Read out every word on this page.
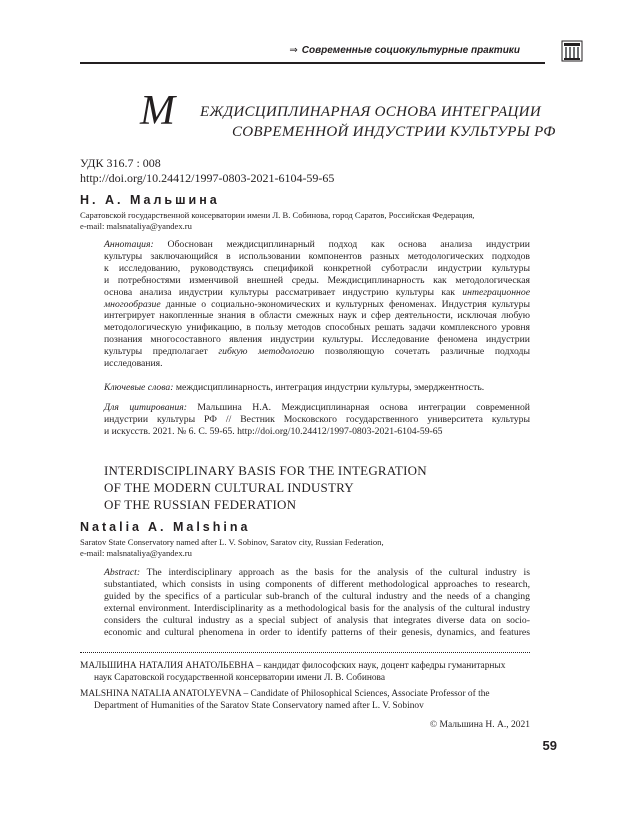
⇒ Современные социокультурные практики
М ЕЖДИСЦИПЛИНАРНАЯ ОСНОВА ИНТЕГРАЦИИ
СОВРЕМЕННОЙ ИНДУСТРИИ КУЛЬТУРЫ РФ
УДК 316.7 : 008
http://doi.org/10.24412/1997-0803-2021-6104-59-65
Н. А. Мальшина
Саратовской государственной консерватории имени Л. В. Собинова, город Саратов, Российская Федерация,
e-mail: malsnataliya@yandex.ru
Аннотация: Обоснован междисциплинарный подход как основа анализа индустрии
культуры заключающийся в использовании компонентов разных методологических подходов
к исследованию, руководствуясь спецификой конкретной суботрасли индустрии культуры
и потребностями изменчивой внешней среды. Междисциплинарность как методологическая
основа анализа индустрии культуры рассматривает индустрию культуры как интеграционное
многообразие данные о социально-экономических и культурных феноменах. Индустрия культуры
интегрирует накопленные знания в области смежных наук и сфер деятельности, исключая любую
методологическую унификацию, в пользу методов способных решать задачи комплексного уровня
познания многосоставного явления индустрии культуры. Исследование феномена индустрии
культуры предполагает гибкую методологию позволяющую сочетать различные подходы
исследования.
Ключевые слова: междисциплинарность, интеграция индустрии культуры, эмерджентность.
Для цитирования: Мальшина Н.А. Междисциплинарная основа интеграции современной
индустрии культуры РФ // Вестник Московского государственного университета культуры
и искусств. 2021. № 6. С. 59-65. http://doi.org/10.24412/1997-0803-2021-6104-59-65
INTERDISCIPLINARY BASIS FOR THE INTEGRATION
OF THE MODERN CULTURAL INDUSTRY
OF THE RUSSIAN FEDERATION
Natalia A. Malshina
Saratov State Conservatory named after L. V. Sobinov, Saratov city, Russian Federation,
e-mail: malsnataliya@yandex.ru
Abstract: The interdisciplinary approach as the basis for the analysis of the cultural industry is
substantiated, which consists in using components of different methodological approaches to research,
guided by the specifics of a particular sub-branch of the cultural industry and the needs of a changing
external environment. Interdisciplinarity as a methodological basis for the analysis of the cultural industry
considers the cultural industry as a special subject of analysis that integrates diverse data on socio-
economic and cultural phenomena in order to identify patterns of their genesis, dynamics, and features
МАЛЬШИНА НАТАЛИЯ АНАТОЛЬЕВНА – кандидат философских наук, доцент кафедры гуманитарных
наук Саратовской государственной консерватории имени Л. В. Собинова
MALSHINA NATALIA ANATOLYEVNA – Candidate of Philosophical Sciences, Associate Professor of the
Department of Humanities of the Saratov State Conservatory named after L. V. Sobinov
© Мальшина Н. А., 2021
59
